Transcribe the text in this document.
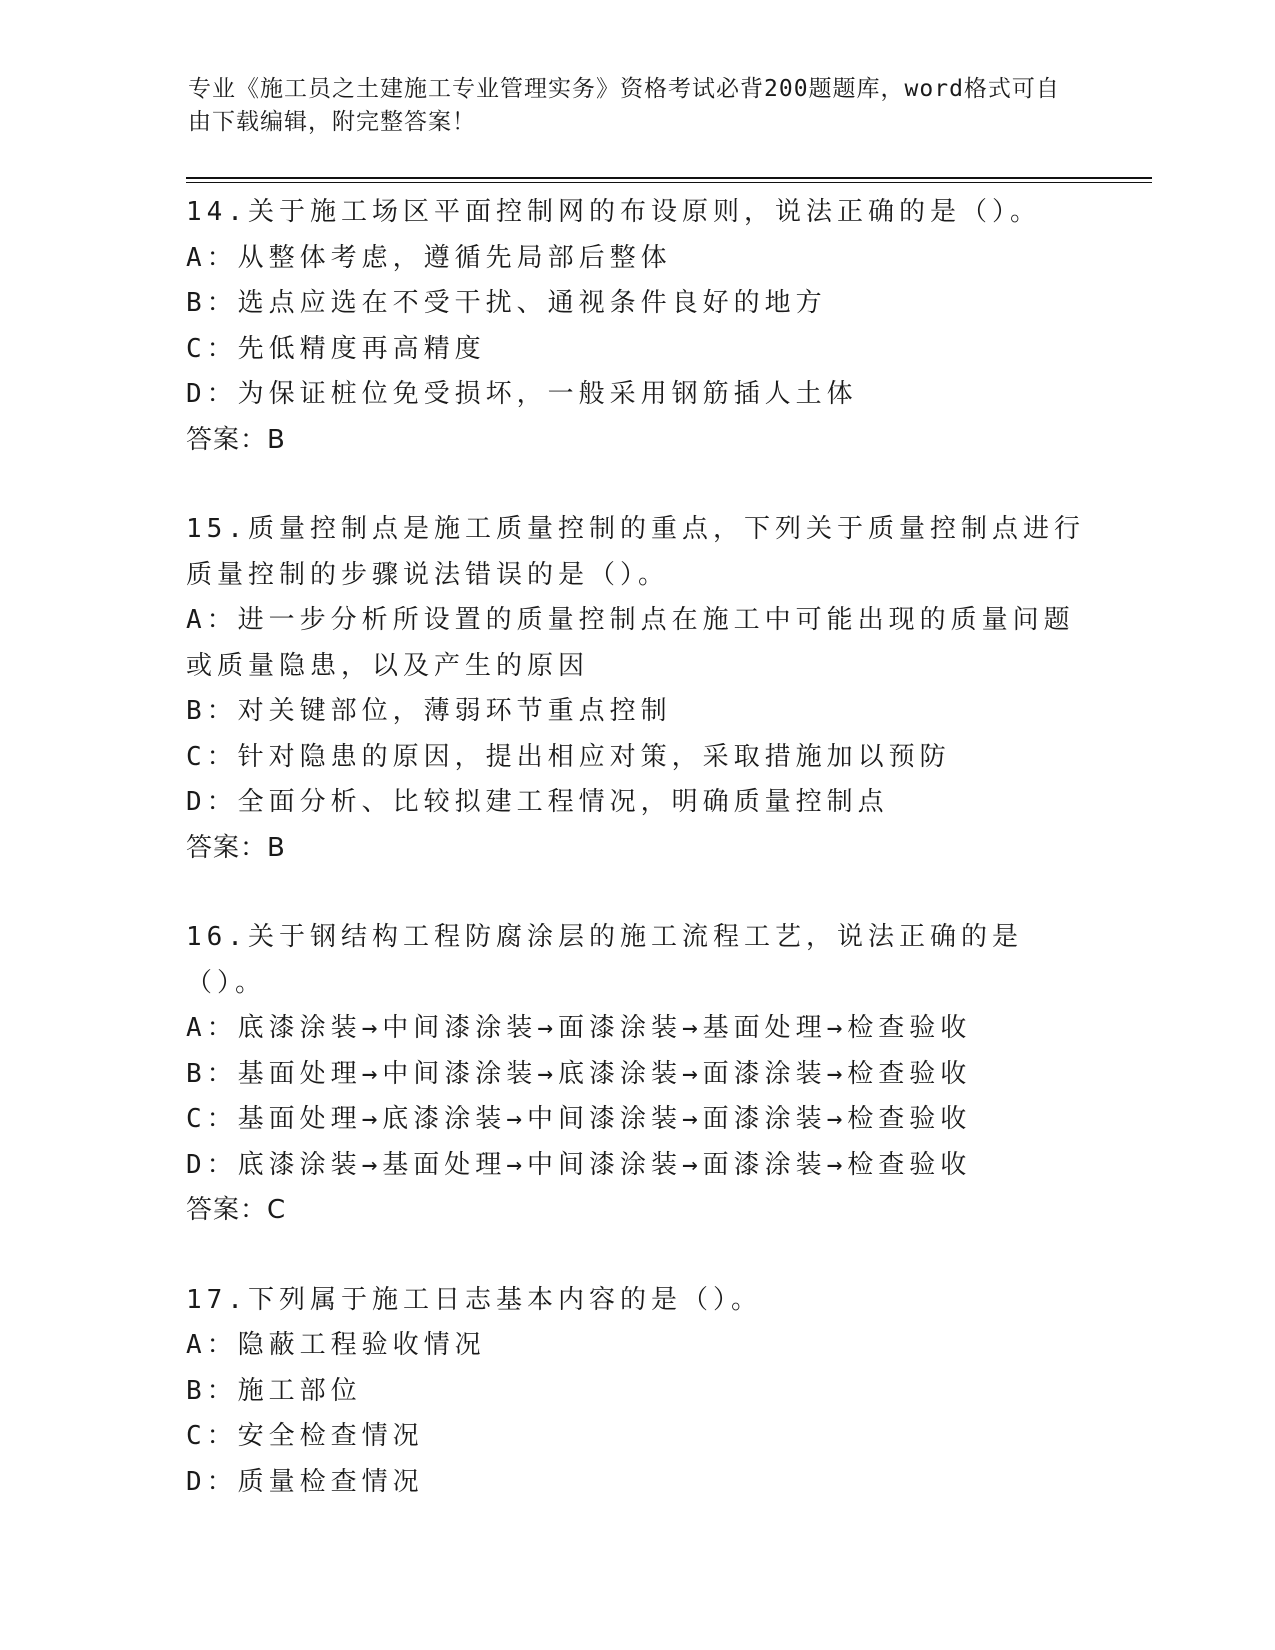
专业《施工员之土建施工专业管理实务》资格考试必背200题题库，word格式可自由下载编辑，附完整答案！
14.关于施工场区平面控制网的布设原则，说法正确的是（）。
A：从整体考虑，遵循先局部后整体
B：选点应选在不受干扰、通视条件良好的地方
C：先低精度再高精度
D：为保证桩位免受损坏，一般采用钢筋插人土体
答案：B
15.质量控制点是施工质量控制的重点，下列关于质量控制点进行质量控制的步骤说法错误的是（）。
A：进一步分析所设置的质量控制点在施工中可能出现的质量问题或质量隐患，以及产生的原因
B：对关键部位，薄弱环节重点控制
C：针对隐患的原因，提出相应对策，采取措施加以预防
D：全面分析、比较拟建工程情况，明确质量控制点
答案：B
16.关于钢结构工程防腐涂层的施工流程工艺，说法正确的是（）。
A：底漆涂装→中间漆涂装→面漆涂装→基面处理→检查验收
B：基面处理→中间漆涂装→底漆涂装→面漆涂装→检查验收
C：基面处理→底漆涂装→中间漆涂装→面漆涂装→检查验收
D：底漆涂装→基面处理→中间漆涂装→面漆涂装→检查验收
答案：C
17.下列属于施工日志基本内容的是（）。
A：隐蔽工程验收情况
B：施工部位
C：安全检查情况
D：质量检查情况
